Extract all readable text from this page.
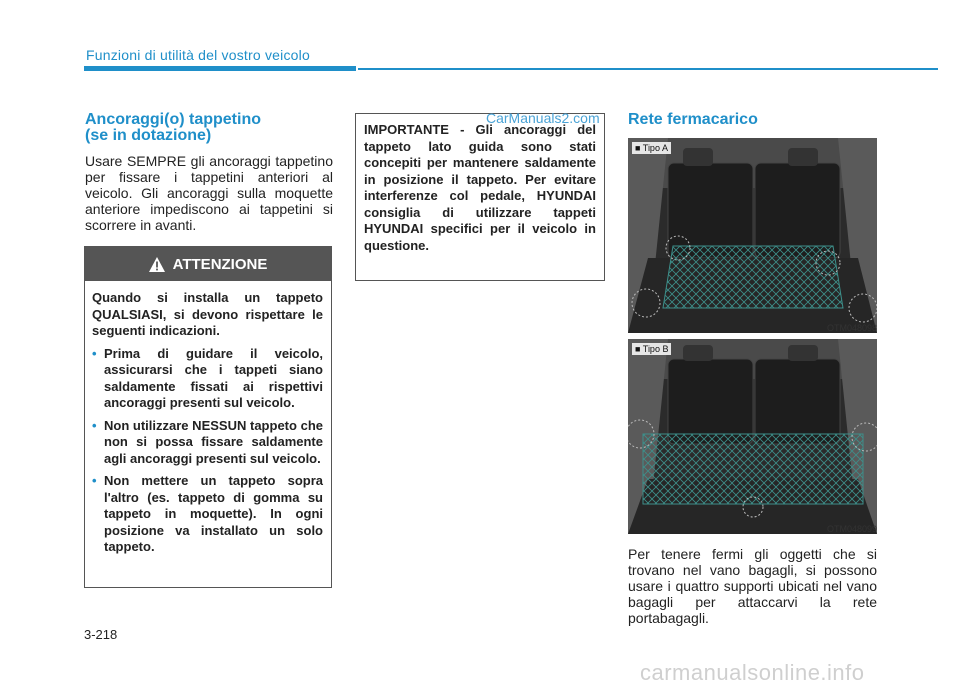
Funzioni di utilità del vostro veicolo
Ancoraggi(o) tappetino
(se in dotazione)
Usare SEMPRE gli ancoraggi tappetino per fissare i tappetini anteriori al veicolo. Gli ancoraggi sulla moquette anteriore impediscono ai tappetini si scorrere in avanti.
ATTENZIONE

Quando si installa un tappeto QUALSIASI, si devono rispettare le seguenti indicazioni.

• Prima di guidare il veicolo, assicurarsi che i tappeti siano saldamente fissati ai rispettivi ancoraggi presenti sul veicolo.
• Non utilizzare NESSUN tappeto che non si possa fissare saldamente agli ancoraggi presenti sul veicolo.
• Non mettere un tappeto sopra l'altro (es. tappeto di gomma su tappeto in moquette). In ogni posizione va installato un solo tappeto.
IMPORTANTE - Gli ancoraggi del tappeto lato guida sono stati concepiti per mantenere saldamente in posizione il tappeto. Per evitare interferenze col pedale, HYUNDAI consiglia di utilizzare tappeti HYUNDAI specifici per il veicolo in questione.
CarManuals2.com Rete fermacarico
■ Tipo A
OTM048098
■ Tipo B
OTM048099
Per tenere fermi gli oggetti che si trovano nel vano bagagli, si possono usare i quattro supporti ubicati nel vano bagagli per attaccarvi la rete portabagagli.
3-218
carmanualsonline.info
